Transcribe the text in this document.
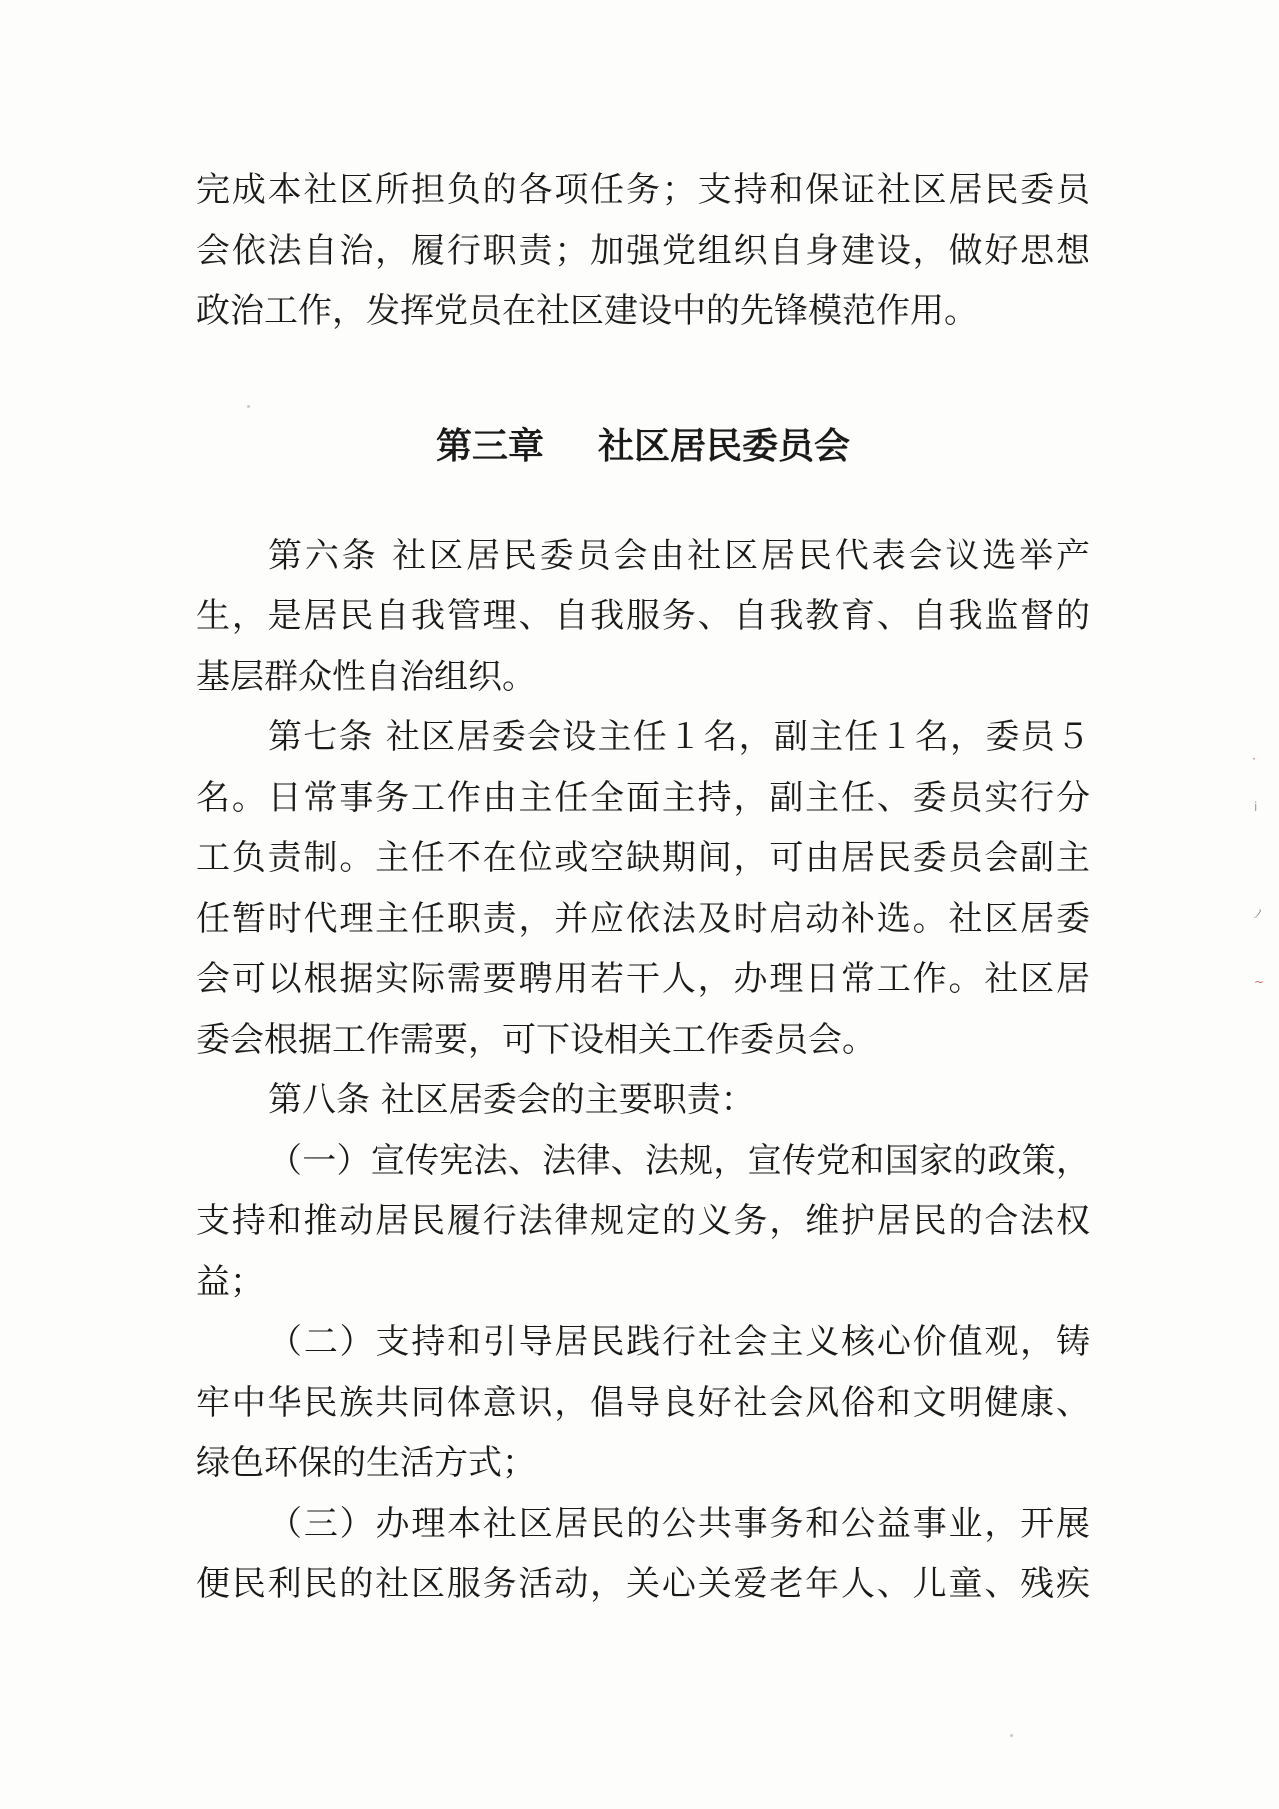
完成本社区所担负的各项任务；支持和保证社区居民委员
会依法自治，履行职责；加强党组织自身建设，做好思想
政治工作，发挥党员在社区建设中的先锋模范作用。
第三章 社区居民委员会
第六条 社区居民委员会由社区居民代表会议选举产
生，是居民自我管理、自我服务、自我教育、自我监督的
基层群众性自治组织。
第七条 社区居委会设主任１名，副主任１名，委员５
名。日常事务工作由主任全面主持，副主任、委员实行分
工负责制。主任不在位或空缺期间，可由居民委员会副主
任暂时代理主任职责，并应依法及时启动补选。社区居委
会可以根据实际需要聘用若干人，办理日常工作。社区居
委会根据工作需要，可下设相关工作委员会。
第八条 社区居委会的主要职责：
（一）宣传宪法、法律、法规，宣传党和国家的政策，
支持和推动居民履行法律规定的义务，维护居民的合法权
益；
（二）支持和引导居民践行社会主义核心价值观，铸
牢中华民族共同体意识，倡导良好社会风俗和文明健康、
绿色环保的生活方式；
（三）办理本社区居民的公共事务和公益事业，开展
便民利民的社区服务活动，关心关爱老年人、儿童、残疾
·
ⅰ
ノ
~
